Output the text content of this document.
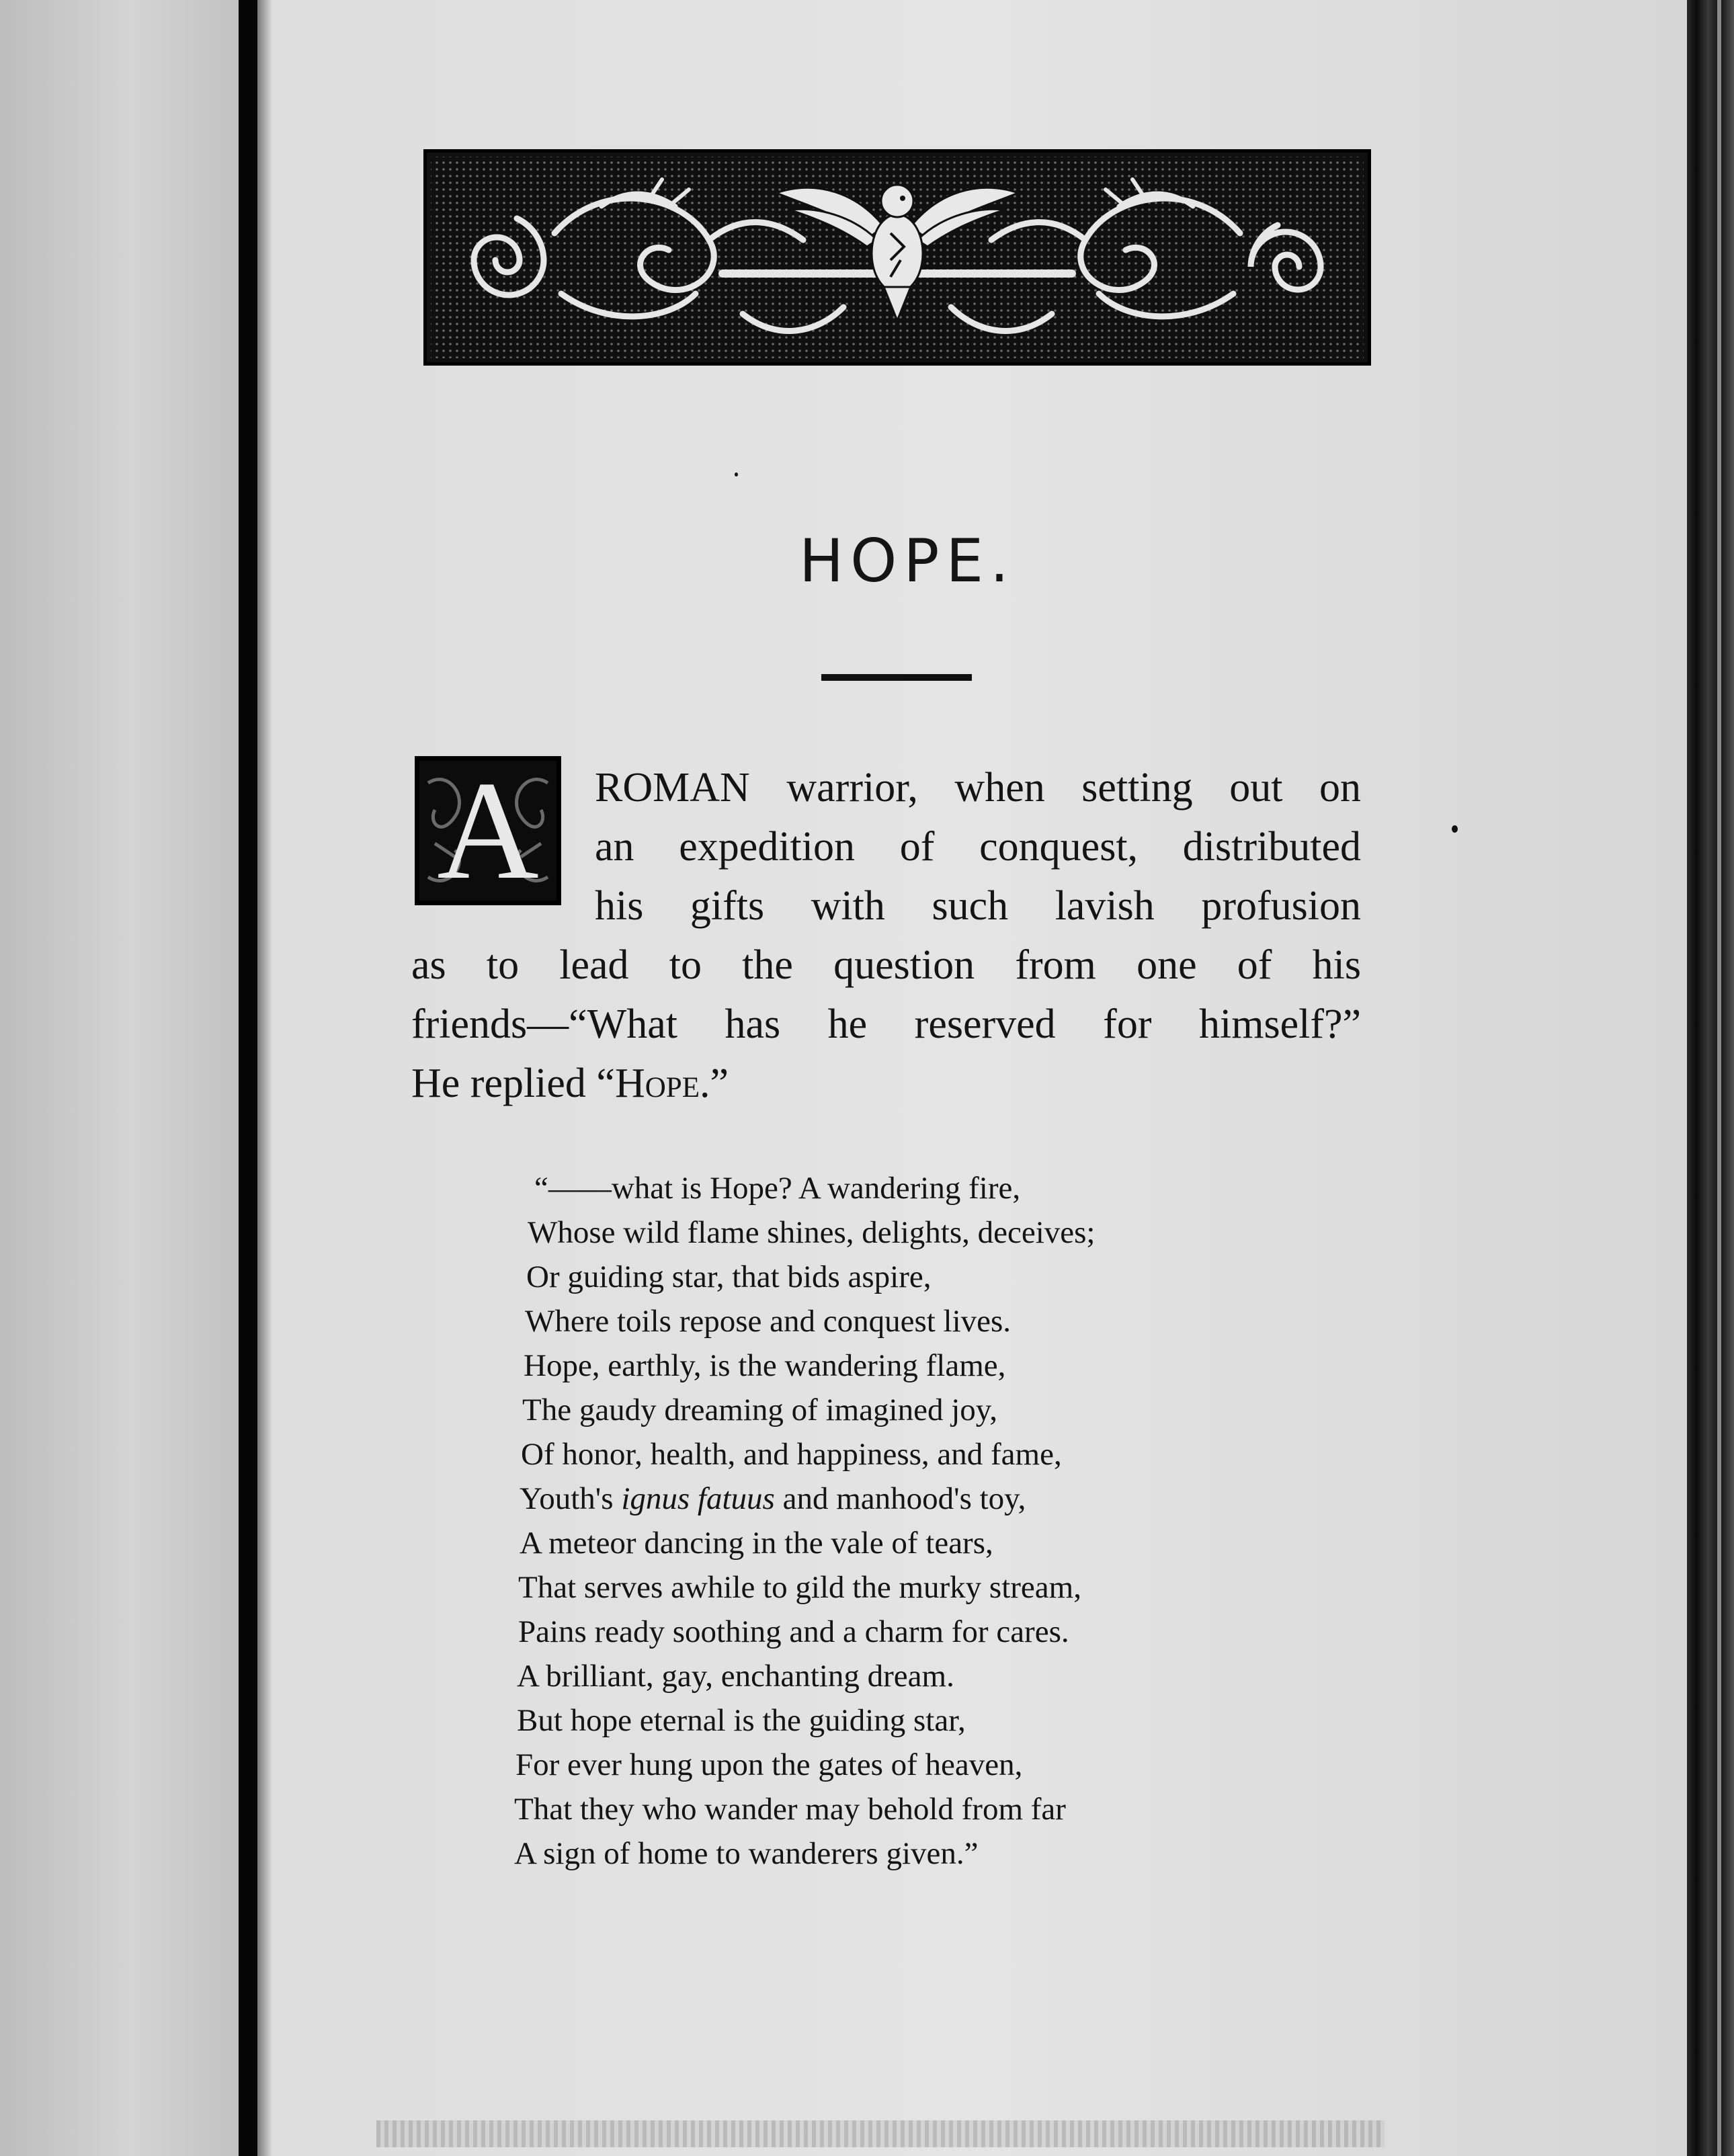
HOPE.
A	ROMAN warrior, when setting out on
an expedition of conquest, distributed
his gifts with such lavish profusion
as to lead to the question from one of his
friends—“What has he reserved for himself?”
He replied “Hope.”
“——what is Hope? A wandering fire,
Whose wild flame shines, delights, deceives;
Or guiding star, that bids aspire,
Where toils repose and conquest lives.
Hope, earthly, is the wandering flame,
The gaudy dreaming of imagined joy,
Of honor, health, and happiness, and fame,
Youth's ignus fatuus and manhood's toy,
A meteor dancing in the vale of tears,
That serves awhile to gild the murky stream,
Pains ready soothing and a charm for cares.
A brilliant, gay, enchanting dream.
But hope eternal is the guiding star,
For ever hung upon the gates of heaven,
That they who wander may behold from far
A sign of home to wanderers given.”
